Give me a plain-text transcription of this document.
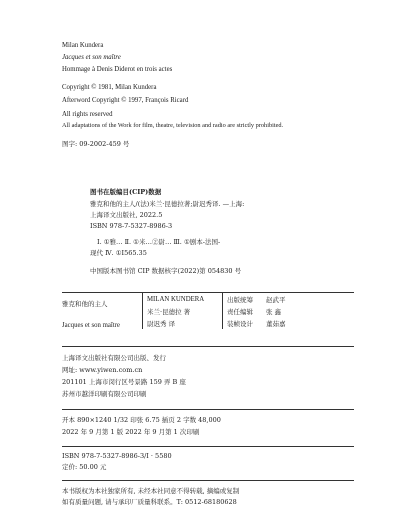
Milan Kundera
Jacques et son maître
Hommage à Denis Diderot en trois actes
Copyright © 1981, Milan Kundera
Afterword Copyright © 1997, François Ricard
All rights reserved
All adaptations of the Work for film, theatre, television and radio are strictly prohibited.
图字: 09-2002-459 号
图书在版编目(CIP)数据
雅克和他的主人/(法)米兰·昆德拉著;尉迟秀译. —上海:
上海译文出版社, 2022.5
ISBN 978-7-5327-8986-3
Ⅰ. ①雅… Ⅱ. ①米…②尉… Ⅲ. ①剧本-法国-
现代 Ⅳ. ①I565.35
中国版本图书馆 CIP 数据核字(2022)第 054830 号
雅克和他的主人
Jacques et son maître
MILAN KUNDERA
米兰·昆德拉 著
尉迟秀 译
出版统筹 赵武平
责任编辑 张 鑫
装帧设计 董茹嘉
上海译文出版社有限公司出版、发行
网址: www.yiwen.com.cn
201101 上海市闵行区号景路 159 弄 B 座
苏州市越洋印刷有限公司印刷
开本 890×1240 1/32 印张 6.75 插页 2 字数 48,000
2022 年 9 月第 1 版 2022 年 9 月第 1 次印刷
ISBN 978-7-5327-8986-3/I · 5580
定价: 50.00 元
本书版权为本社独家所有, 未经本社同意不得转载, 摘编或复制
如有质量问题, 请与承印厂质量科联系。T: 0512-68180628
